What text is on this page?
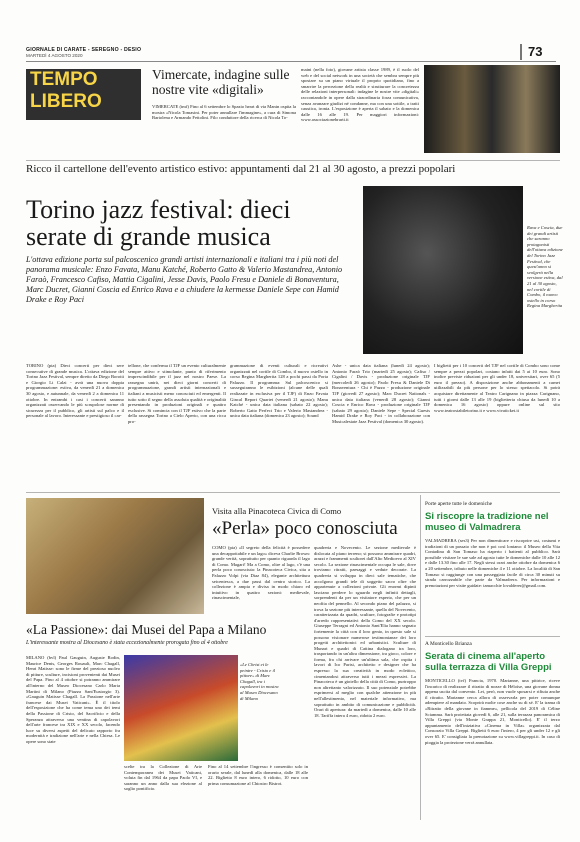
GIORNALE DI CARATE - SEREGNO - DESIO
MARTEDÌ 4 AGOSTO 2020	73
TEMPO
LIBERO
Vimercate, indagine sulle nostre vite «digitali»
VIMERCATE (tmf) Fino al 6 settembre lo Spazio heart di via Manin ospita la mostra «Nicola Tomasini. Per poter annullare l'immagine», a cura di Simona Bartolena e Armando Fettolini. Filo conduttore della ricerca di Nicola To-
maini (nella foto), giovane artista classe 1989, è il ruolo del web e del social network in una società che sembra sempre più spostare su un piano virtuale il proprio quotidiano, fino a smarrire la percezione della realtà e strutturare la concretezza delle relazioni interpersonali: indagine le nostre vite «digitali» raccontandole in opere dalla straordinaria forza comunicativa, senza avanzare giudizi né condanne, ma con una sottile, a tratti caustica, ironia. L'esposizione è aperta il sabato e la domenica dalle 16 alle 19. Per maggiori informazioni: www.associazionebrarti.it
Ricco il cartellone dell'evento artistico estivo: appuntamenti dal 21 al 30 agosto, a prezzi popolari
Torino jazz festival: dieci serate di grande musica
L'ottava edizione porta sul palcoscenico grandi artisti internazionali e italiani tra i più noti del panorama musicale: Enzo Favata, Manu Katché, Roberto Gatto & Valerio Mastandrea, Antonio Faraò, Francesco Cafiso, Mattia Cigalini, Jesse Davis, Paolo Fresu e Daniele di Bonaventura, Marc Ducret, Gianni Coscia ed Enrico Rava e a chiudere la kermesse Daniele Sepe con Hamid Drake e Roy Paci
Rava e Coscia, due dei grandi artisti che saranno protagonisti dell'ottava edizione del Torino Jazz Festival, che quest'anno si svolgerà nella versione estiva, dal 21 al 30 agosto, nel cortile di Combo, il nuovo ostello in corso Regina Margherita
TORINO (pia) Dieci concerti per dieci sere consecutive di grande musica. L'ottava edizione del Torino Jazz Festival, sempre diretto da Diego Borotti e Giorgio Li Calzi - avrà una nuova doppia programmazione: estiva, da venerdì 21 a domenica 30 agosto, e autunnale, da venerdì 2 a domenica 11 ottobre. In entrambi i casi i concerti saranno organizzati osservando le più scrupolose norme di sicurezza per il pubblico, gli artisti sul palco e il personale al lavoro. Interessante e prestigioso il car-
tellone, che conferma il TJF un evento culturalmente sempre attivo e stimolante, punto di riferimento imprescindibile per il jazz nel nostro Paese. La rassegna unirà, nei dieci giorni concerti di programmazione, grandi artisti internazionali e italiani a musicisti meno conosciuti ed emergenti. Il tutto sotto il segno della assoluta qualità e originalità presentando in produzioni originali e quattro esclusive. Si comincia con il TJF estivo che la parte della rassegna Torino a Cielo Aperto, con una ricca pro-
grammazione di eventi culturali e ricreativi organizzati nel cortile di Combo, il nuovo ostello in corso Regina Margherita 128 a pochi passi da Porta Palazzo. Il programma: Sul palcoscenico si susseguiranno le esibizioni (alcune delle quali realizzate in esclusiva per il TJF) di Enzo Favata Gincal Report Quartet (venerdì 21 agosto); Manu Katché - unica data italiana (sabato 22 agosto); Roberto Gatto Perfect Trio e Valerio Mastandrea - unica data italiana (domenica 23 agosto); Sound
Ashe - unica data italiana (lunedì 24 agosto); Antonio Faraò Trio (martedì 25 agosto); Cafiso / Cigalini / Davis - produzione originale TJF (mercoledì 26 agosto); Paolo Fresu & Daniele Di Bonaventura - Chi è Pazzo - produzione originale TJF (giovedì 27 agosto); Marc Ducret Nationals - unica data italiana (venerdì 28 agosto); Gianni Coscia e Enrico Rava - produzione originale TJF (sabato 29 agosto); Daniele Sepe - Special Guests Hamid Drake e Roy Paci - in collaborazione con Musicalestate Jazz Festival (domenica 30 agosto).
I biglietti per i 10 concerti del TJF nel cortile di Combo sono come sempre a prezzi popolari, costano infatti dai 5 ai 10 euro. Sono inoltre previste riduzioni per gli under 18, universitari, over 65 (5 euro il prezzo). A disposizione anche abbonamenti a carnet utilizzabili da più persone per lo stesso spettacolo. Si potrà acquistare direttamente al Teatro Carignano in piazza Carignano, tutti i giorni dalle 13 alle 19 (biglietteria chiusa da lunedì 10 a domenica 16 agosto) oppure online sul sito www.teatrostabiletorino.it e www.vivaticket.it
Visita alla Pinacoteca Civica di Como
«Perla» poco conosciuta
COMO (pia) «Il segreto della felicità è possedere una decappottabile e un lago» diceva Charlie Brown: grande verità, soprattutto per quanto riguarda il lago di Como. Magari! Ma a Como, oltre al lago, c'è una perla poco conosciuta: la Pinacoteca Civica, sita a Palazzo Volpi (via Diaz 84), elegante architettura seicentesca, a due passi dal centro storico. La collezione è ampia e divisa in modo chiaro ed intuitivo in quattro sezioni: medievale, rinascimentale,
quadreria e Novecento. Le sezione medievale è dislocata al piano terreno; si possono ammirare quadri, arazzi e frammenti scultorei dall'Alto Medioevo al XIV secolo. La sezione rinascimentale occupa le sale, dove troviamo ritratti, paesaggi e vedute decorate. La quadreria si sviluppa in dieci sale tematiche, che accolgono grandi tele di soggetto sacro oltre che appartenute a collezioni private. Gli enormi dipinti lasciano perdere lo sguardo negli infiniti dettagli, sorprendenti da per un visitatore esperto, che per un neofita del pennello. Al secondo piano del palazzo, si trova la sezione più interessante, quella del Novecento, caratterizzata da quadri, sculture, fotografie e prototipi d'arredo rappresentativi della Como del XX secolo. Giuseppe Terragni ed Antonio Sant'Elia hanno segnato fortemente la città con il loro genio, in questo sale si possono visionare numerose testimonianze dei loro progetti architettonici ed urbanistici. Sculture di Munari e quadri di Cattina dialogano tra loro, trasportando in un'altra dimensione, tra gioco, colore e forma, fra chi arrivare un'ultima sala, che ospita i lavori di Ico Parisi, architetto e designer che ha espresso la sua creatività in modo eclettico, cimentandosi attraverso tutti i mezzi espressivi. La Pinacoteca è un gioiello della città di Como, purtroppo non altrettanto valorizzato. Il suo potenziale potrebbe esprimersi al meglio con qualche attenzione in più nell'allestimento, nel materiale informativo, ma soprattutto in ambito di comunicazione e pubblicità. Orari di apertura: da martedì a domenica, dalle 10 alle 18. Tariffa intera 4 euro, ridotta 2 euro.
«La Passione»: dai Musei del Papa a Milano
L'interessante mostra al Diocesano è stata eccezionalmente prorogata fino al 4 ottobre
MILANO (bvl) Paul Gauguin, Auguste Rodin, Maurice Denis, Georges Rouault, Marc Chagall, Henri Matisse: sono le firme del prezioso nucleo di pitture, sculture, incisioni provenienti dai Musei del Papa. Fino al 4 ottobre si potranno ammirare all'interno del Museo Diocesano Carlo Maria Martini di Milano (Piazza Sant'Eustorgio 3). «Gauguin Matisse Chagall. La Passione nell'arte francese dai Musei Vaticani». È il titolo dell'esposizione che ha come tema uno dei temi della Passione di Cristo, del Sacrificio e della Speranza attraverso una ventina di capolavori dell'arte francese tra XIX e XX secolo, facendo luce su diversi aspetti del delicato rapporto fra modernità e tradizione nell'arte e nella Chiesa. Le opere sono state
«Le Christ et le peintre - Cristo e il pittore» di Marc Chagall, tra i capolavori in mostra al Museo Diocesano di Milano
scelte tra la Collezione di Arte Contemporanea dei Musei Vaticani, voluta fin dal 1964 da papa Paolo VI, e saranno un anno dalla sua elezione al soglio pontificio.
Fino al 14 settembre l'ingresso è consentito solo in orario serale, dal lunedì alla domenica, dalle 18 alle 22. Biglietto 8 euro intero, 6 ridotto, 10 euro con prima consumazione al Chiostro Bistrot.
Porte aperte tutte le domeniche
Si riscopre la tradizione nel museo di Valmadrera
VALMADRERA (ses3) Per non dimenticare e riscoprire usi, costumi e tradizioni di un passato che non è poi così lontano: il Museo della Vita Contadina di San Tomaso ha riaperto i battenti al pubblico. Sarà possibile visitare le sue sale ad agosto tutte le domeniche dalle 10 alle 12 e dalle 13.30 fino alle 17. Negli stessi orari anche ottobre da domenica 6 a 20 settembre, tributo nelle domeniche 4 e 11 ottobre. La località di San Tomaso si raggiunge con una passeggiata facile di circa 30 minuti su strada carrozzabile che parte da Valmadrera. Per informazioni e prenotazioni per visite guidate: tamacchie lovalderer@gmail.com.
A Monticello Brianza
Serata di cinema all'aperto sulla terrazza di Villa Greppi
MONTICELLO (tvf) Francia, 1970. Marianne, una pittrice, riceve l'incarico di realizzare il ritratto di nozze di Héloïse, una giovane donna appena uscita dal convento. Lei, però, non vuole sposarsi e rifiuta anche il ritratto. Marianne cerca allora di osservarla per poter comunque adempiere al mandato. Scoprirà molte cose anche su di sé. E' la trama di «Ritratto della giovane in fiamme», pellicola del 2019 di Céline Sciamma. Sarà proiettata giovedì 6, alle 21, sulla terrazza panoramica di Villa Greppi (via Monte Grappa 21, Monticello). E' il terzo appuntamento dell'iniziativa «Cinema in Villa» organizzata dal Consorzio Villa Greppi. Biglietti 6 euro l'intero, 4 per gli under 12 e gli over 65. E' consigliata la prenotazione su www.villagreppi.it. In caso di pioggia la proiezione verrà annullata.
